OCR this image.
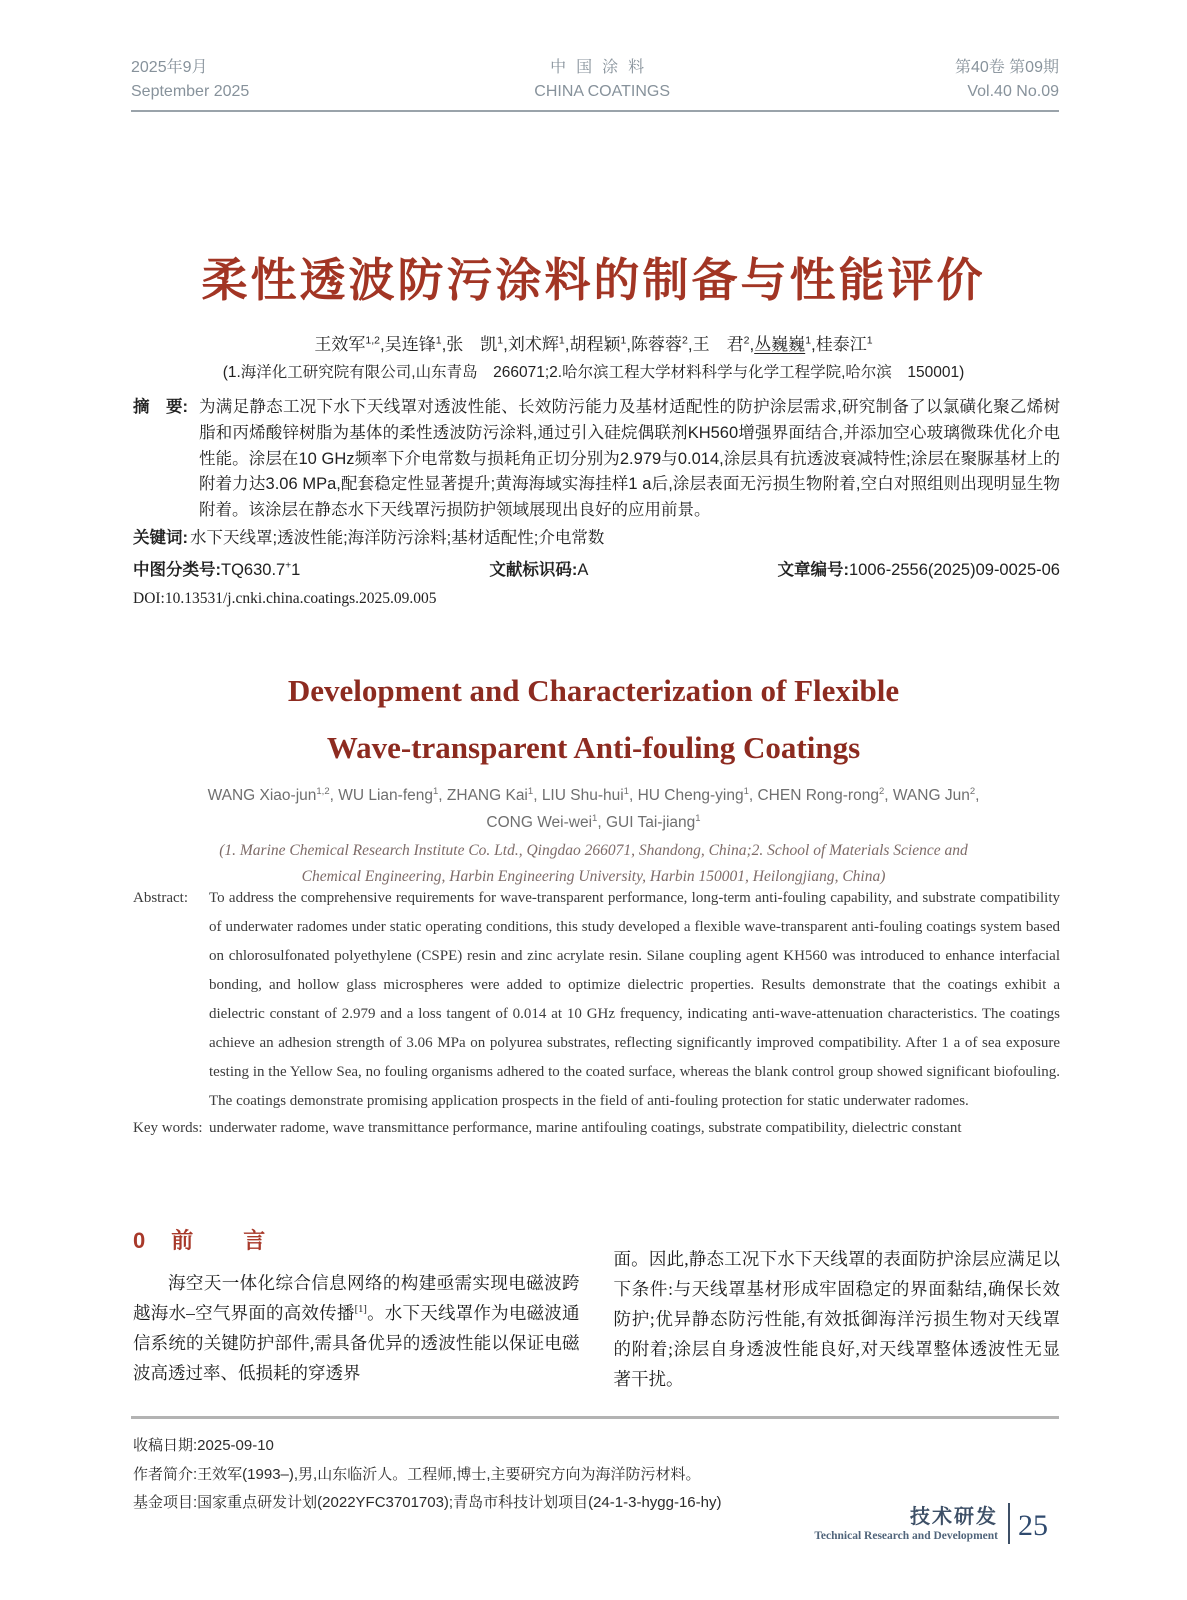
2025年9月
September 2025
中国涂料
CHINA COATINGS
第40卷 第09期
Vol.40 No.09
柔性透波防污涂料的制备与性能评价
王效军$^{1,2}$,吴连锋$^1$,张　凯$^1$,刘术辉$^1$,胡程颖$^1$,陈蓉蓉$^2$,王　君$^2$,丛巍巍$^1$,桂泰江$^1$
(1.海洋化工研究院有限公司,山东青岛　266071;2.哈尔滨工程大学材料科学与化学工程学院,哈尔滨　150001)
摘　要: 为满足静态工况下水下天线罩对透波性能、长效防污能力及基材适配性的防护涂层需求,研究制备了以氯磺化聚乙烯树脂和丙烯酸锌树脂为基体的柔性透波防污涂料,通过引入硅烷偶联剂KH560增强界面结合,并添加空心玻璃微珠优化介电性能。涂层在10 GHz频率下介电常数与损耗角正切分别为2.979与0.014,涂层具有抗透波衰减特性;涂层在聚脲基材上的附着力达3.06 MPa,配套稳定性显著提升;黄海海域实海挂样1 a后,涂层表面无污损生物附着,空白对照组则出现明显生物附着。该涂层在静态水下天线罩污损防护领域展现出良好的应用前景。
关键词: 水下天线罩;透波性能;海洋防污涂料;基材适配性;介电常数
中图分类号:TQ630.7+1	文献标识码:A	文章编号:1006-2556(2025)09-0025-06
DOI:10.13531/j.cnki.china.coatings.2025.09.005
Development and Characterization of Flexible
Wave-transparent Anti-fouling Coatings
WANG Xiao-jun$^{1,2}$, WU Lian-feng$^1$, ZHANG Kai$^1$, LIU Shu-hui$^1$, HU Cheng-ying$^1$, CHEN Rong-rong$^2$, WANG Jun$^2$,
CONG Wei-wei$^1$, GUI Tai-jiang$^1$
(1. Marine Chemical Research Institute Co. Ltd., Qingdao 266071, Shandong, China;2. School of Materials Science and
Chemical Engineering, Harbin Engineering University, Harbin 150001, Heilongjiang, China)
Abstract:	To address the comprehensive requirements for wave-transparent performance, long-term anti-fouling capability, and substrate compatibility of underwater radomes under static operating conditions, this study developed a flexible wave-transparent anti-fouling coatings system based on chlorosulfonated polyethylene (CSPE) resin and zinc acrylate resin. Silane coupling agent KH560 was introduced to enhance interfacial bonding, and hollow glass microspheres were added to optimize dielectric properties. Results demonstrate that the coatings exhibit a dielectric constant of 2.979 and a loss tangent of 0.014 at 10 GHz frequency, indicating anti-wave-attenuation characteristics. The coatings achieve an adhesion strength of 3.06 MPa on polyurea substrates, reflecting significantly improved compatibility. After 1 a of sea exposure testing in the Yellow Sea, no fouling organisms adhered to the coated surface, whereas the blank control group showed significant biofouling. The coatings demonstrate promising application prospects in the field of anti-fouling protection for static underwater radomes.
Key words: underwater radome, wave transmittance performance, marine antifouling coatings, substrate compatibility, dielectric constant
0 前　言

海空天一体化综合信息网络的构建亟需实现电磁波跨越海水–空气界面的高效传播[1]。水下天线罩作为电磁波通信系统的关键防护部件,需具备优异的透波性能以保证电磁波高透过率、低损耗的穿透界

面。因此,静态工况下水下天线罩的表面防护涂层应满足以下条件:与天线罩基材形成牢固稳定的界面黏结,确保长效防护;优异静态防污性能,有效抵御海洋污损生物对天线罩的附着;涂层自身透波性能良好,对天线罩整体透波性无显著干扰。

收稿日期:2025-09-10
作者简介:王效军(1993–),男,山东临沂人。工程师,博士,主要研究方向为海洋防污材料。
基金项目:国家重点研发计划(2022YFC3701703);青岛市科技计划项目(24-1-3-hygg-16-hy)
技术研发
Technical Research and Development 25
